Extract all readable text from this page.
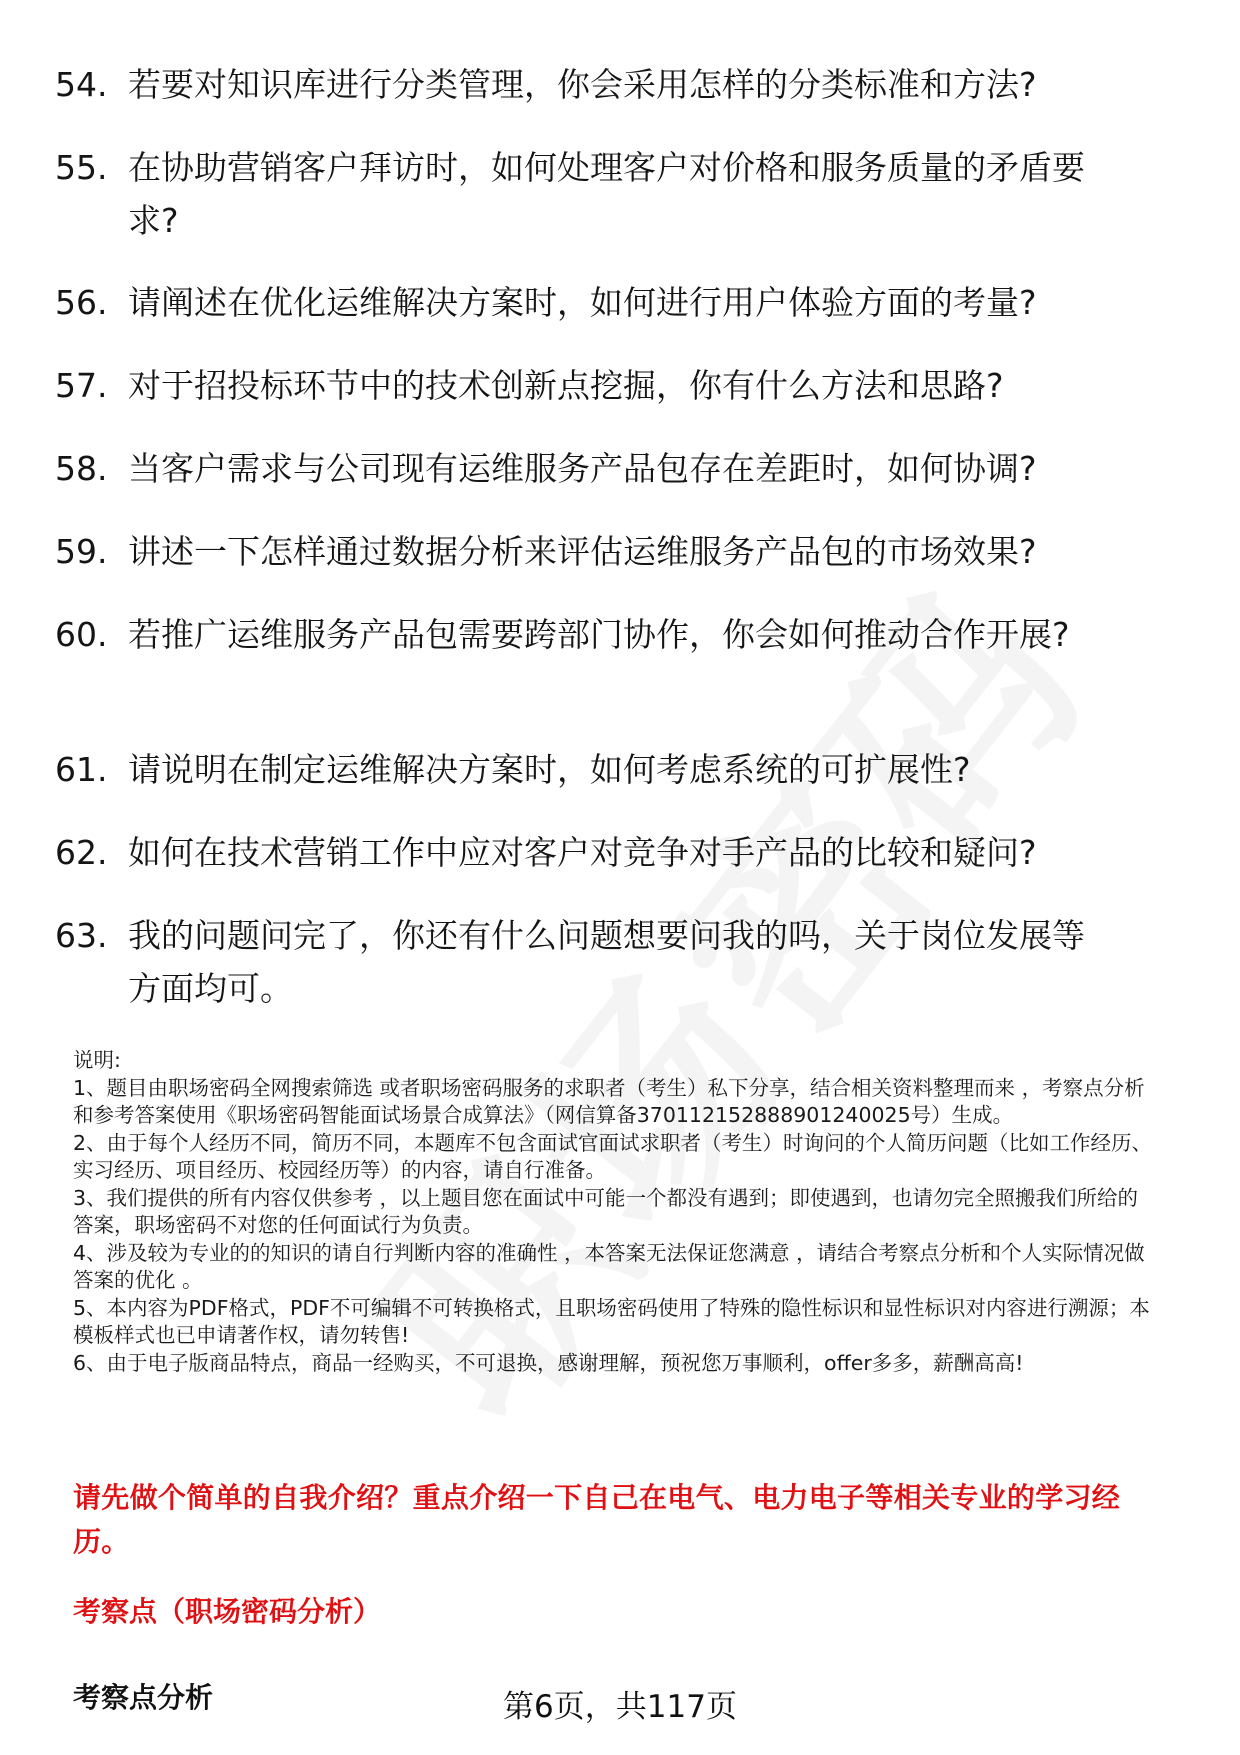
54. 若要对知识库进行分类管理，你会采用怎样的分类标准和方法?
55. 在协助营销客户拜访时，如何处理客户对价格和服务质量的矛盾要求?
56. 请阐述在优化运维解决方案时，如何进行用户体验方面的考量?
57. 对于招投标环节中的技术创新点挖掘，你有什么方法和思路?
58. 当客户需求与公司现有运维服务产品包存在差距时，如何协调?
59. 讲述一下怎样通过数据分析来评估运维服务产品包的市场效果?
60. 若推广运维服务产品包需要跨部门协作，你会如何推动合作开展?
61. 请说明在制定运维解决方案时，如何考虑系统的可扩展性?
62. 如何在技术营销工作中应对客户对竞争对手产品的比较和疑问?
63. 我的问题问完了，你还有什么问题想要问我的吗，关于岗位发展等方面均可。

说明:

1、题目由职场密码全网搜索筛选 或者职场密码服务的求职者（考生）私下分享，结合相关资料整理而来 ，考察点分析和参考答案使用《职场密码智能面试场景合成算法》（网信算备370112152888901240025号）生成。

2、由于每个人经历不同，简历不同，本题库不包含面试官面试求职者（考生）时询问的个人简历问题（比如工作经历、实习经历、项目经历、校园经历等）的内容，请自行准备。

3、我们提供的所有内容仅供参考 ，以上题目您在面试中可能一个都没有遇到；即使遇到，也请勿完全照搬我们所给的答案，职场密码不对您的任何面试行为负责。

4、涉及较为专业的的知识的请自行判断内容的准确性 ，本答案无法保证您满意 ，请结合考察点分析和个人实际情况做答案的优化 。

5、本内容为PDF格式，PDF不可编辑不可转换格式，且职场密码使用了特殊的隐性标识和显性标识对内容进行溯源；本模板样式也已申请著作权，请勿转售!

6、由于电子版商品特点，商品一经购买，不可退换，感谢理解，预祝您万事顺利，offer多多，薪酬高高!

请先做个简单的自我介绍？重点介绍一下自己在电气、电力电子等相关专业的学习经历。
考察点（职场密码分析）
考察点分析	第6页，共117页
